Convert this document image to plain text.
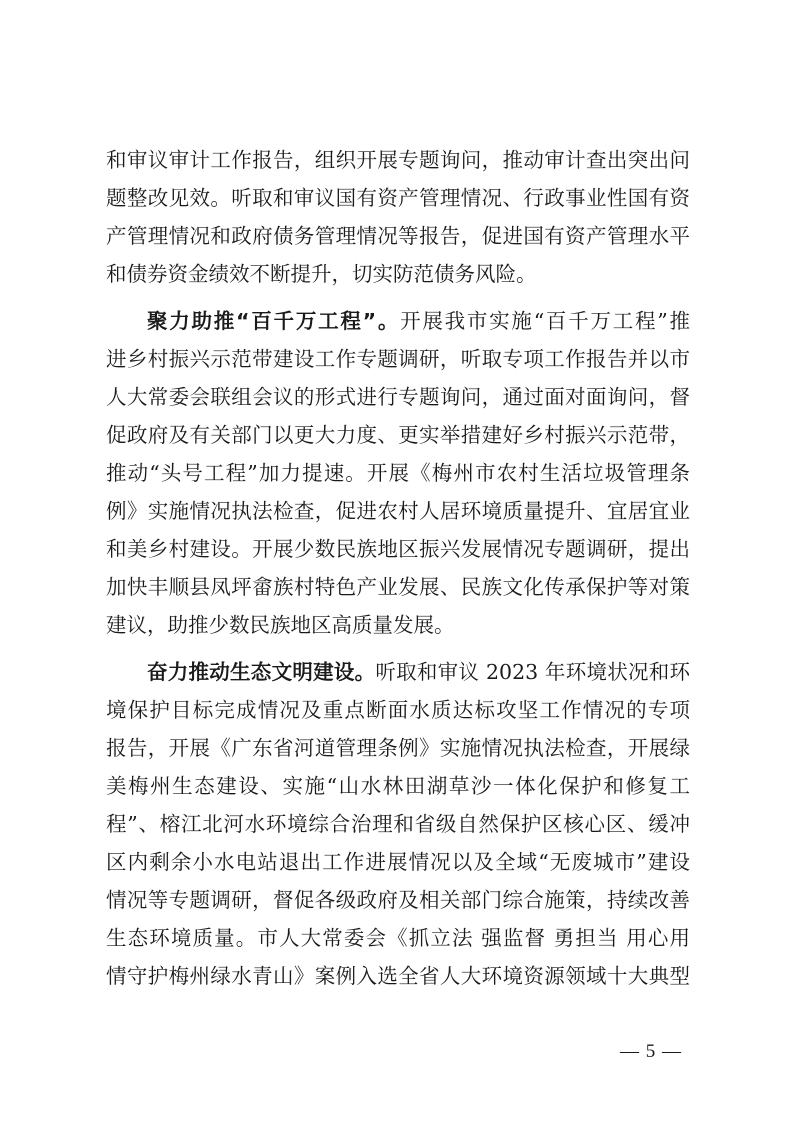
和审议审计工作报告，组织开展专题询问，推动审计查出突出问
题整改见效。听取和审议国有资产管理情况、行政事业性国有资
产管理情况和政府债务管理情况等报告，促进国有资产管理水平
和债券资金绩效不断提升，切实防范债务风险。
聚力助推“百千万工程”。开展我市实施“百千万工程”推
进乡村振兴示范带建设工作专题调研，听取专项工作报告并以市
人大常委会联组会议的形式进行专题询问，通过面对面询问，督
促政府及有关部门以更大力度、更实举措建好乡村振兴示范带，
推动“头号工程”加力提速。开展《梅州市农村生活垃圾管理条
例》实施情况执法检查，促进农村人居环境质量提升、宜居宜业
和美乡村建设。开展少数民族地区振兴发展情况专题调研，提出
加快丰顺县凤坪畲族村特色产业发展、民族文化传承保护等对策
建议，助推少数民族地区高质量发展。
奋力推动生态文明建设。听取和审议 2023 年环境状况和环
境保护目标完成情况及重点断面水质达标攻坚工作情况的专项
报告，开展《广东省河道管理条例》实施情况执法检查，开展绿
美梅州生态建设、实施“山水林田湖草沙一体化保护和修复工
程”、榕江北河水环境综合治理和省级自然保护区核心区、缓冲
区内剩余小水电站退出工作进展情况以及全域“无废城市”建设
情况等专题调研，督促各级政府及相关部门综合施策，持续改善
生态环境质量。市人大常委会《抓立法 强监督 勇担当 用心用
情守护梅州绿水青山》案例入选全省人大环境资源领域十大典型
— 5 —
